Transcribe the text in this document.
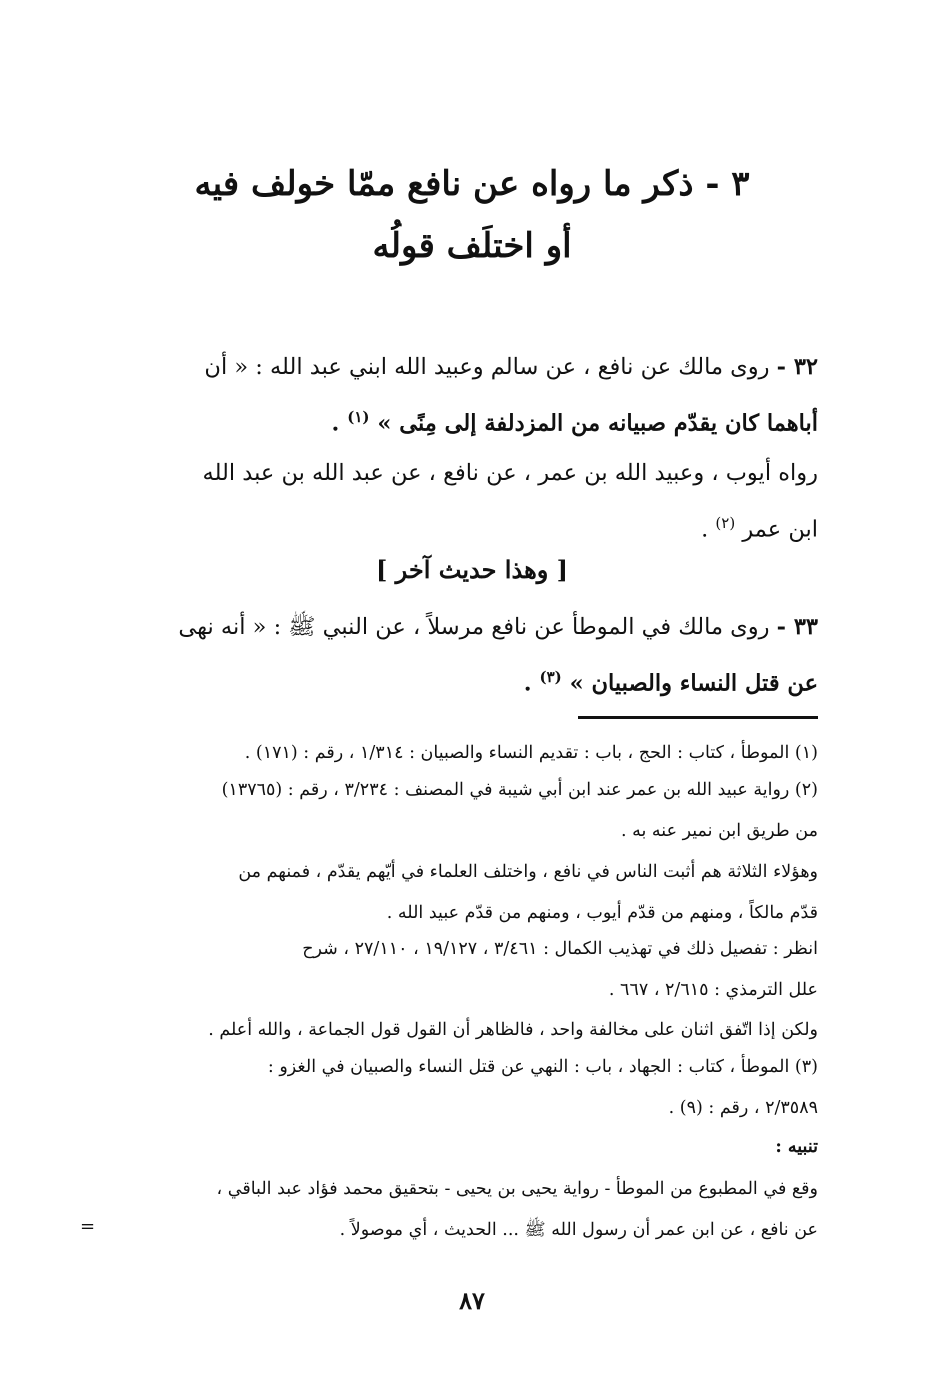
٣ - ذكر ما رواه عن نافع ممّا خولف فيه
أو اختلَف قولُه
٣٢ - روى مالك عن نافع ، عن سالم وعبيد الله ابني عبد الله : « أن
أباهما كان يقدّم صبيانه من المزدلفة إلى مِنًى » $^{(١)}$ .
رواه أيوب ، وعبيد الله بن عمر ، عن نافع ، عن عبد الله بن عبد الله
ابن عمر $^{(٢)}$ .
[ وهذا حديث آخر ]
٣٣ - روى مالك في الموطأ عن نافع مرسلاً ، عن النبي ﷺ : « أنه نهى
عن قتل النساء والصبيان » $^{(٣)}$ .
(١) الموطأ ، كتاب : الحج ، باب : تقديم النساء والصبيان : ١/٣١٤ ، رقم : (١٧١) .
(٢) رواية عبيد الله بن عمر عند ابن أبي شيبة في المصنف : ٣/٢٣٤ ، رقم : (١٣٧٦٥)
من طريق ابن نمير عنه به .
وهؤلاء الثلاثة هم أثبت الناس في نافع ، واختلف العلماء في أيّهم يقدّم ، فمنهم من
قدّم مالكاً ، ومنهم من قدّم أيوب ، ومنهم من قدّم عبيد الله .
انظر : تفصيل ذلك في تهذيب الكمال : ٣/٤٦١ ، ١٩/١٢٧ ، ٢٧/١١٠ ، شرح
علل الترمذي : ٢/٦١٥ ، ٦٦٧ .
ولكن إذا اتّفق اثنان على مخالفة واحد ، فالظاهر أن القول قول الجماعة ، والله أعلم .
(٣) الموطأ ، كتاب : الجهاد ، باب : النهي عن قتل النساء والصبيان في الغزو :
٢/٣٥٨٩ ، رقم : (٩) .
تنبيه :
وقع في المطبوع من الموطأ - رواية يحيى بن يحيى - بتحقيق محمد فؤاد عبد الباقي ،
عن نافع ، عن ابن عمر أن رسول الله ﷺ ... الحديث ، أي موصولاً .
=
٨٧
